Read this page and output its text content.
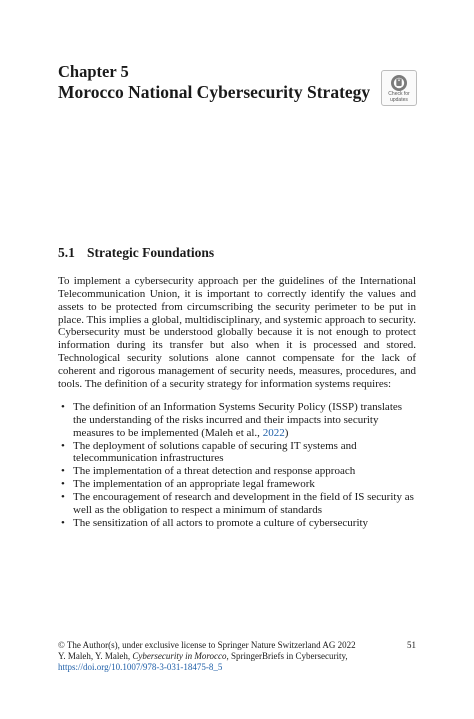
Chapter 5
Morocco National Cybersecurity Strategy	Check for
updates
5.1 Strategic Foundations

To implement a cybersecurity approach per the guidelines of the International Telecommunication Union, it is important to correctly identify the values and assets to be protected from circumscribing the security perimeter to be put in place. This implies a global, multidisciplinary, and systemic approach to security. Cybersecurity must be understood globally because it is not enough to protect information during its transfer but also when it is processed and stored. Technological security solutions alone cannot compensate for the lack of coherent and rigorous management of security needs, measures, procedures, and tools. The definition of a security strategy for information systems requires:

• The definition of an Information Systems Security Policy (ISSP) translates the understanding of the risks incurred and their impacts into security measures to be implemented (Maleh et al., 2022)
• The deployment of solutions capable of securing IT systems and telecommunication infrastructures
• The implementation of a threat detection and response approach
• The implementation of an appropriate legal framework
• The encouragement of research and development in the field of IS security as well as the obligation to respect a minimum of standards
• The sensitization of all actors to promote a culture of cybersecurity
© The Author(s), under exclusive license to Springer Nature Switzerland AG 2022	51
Y. Maleh, Y. Maleh, Cybersecurity in Morocco, SpringerBriefs in Cybersecurity,
https://doi.org/10.1007/978-3-031-18475-8_5
